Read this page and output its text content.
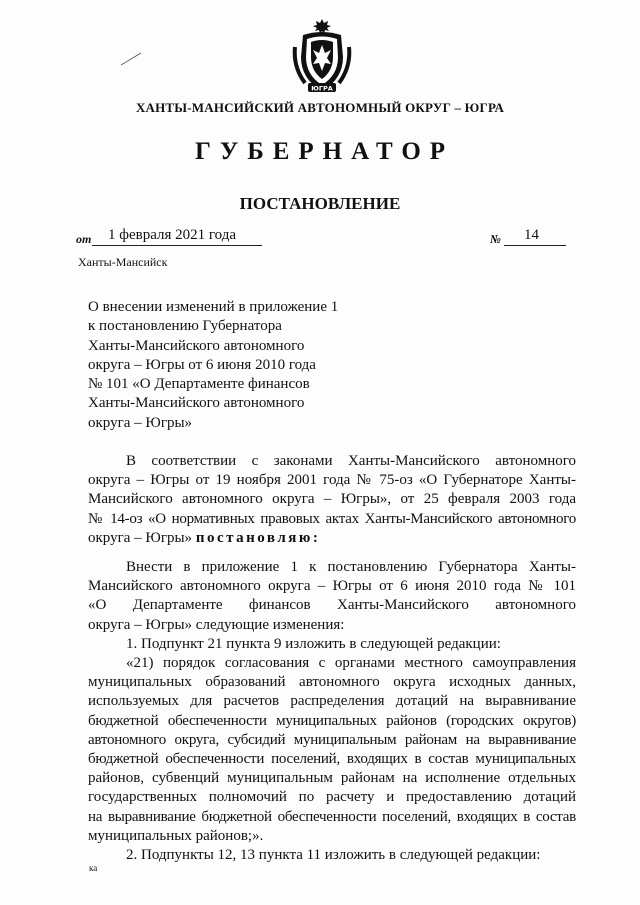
ЮГРА
ХАНТЫ-МАНСИЙСКИЙ АВТОНОМНЫЙ ОКРУГ – ЮГРА
ГУБЕРНАТОР
ПОСТАНОВЛЕНИЕ
от	1 февраля 2021 года	№	14
Ханты-Мансийск
О внесении изменений в приложение 1
к постановлению Губернатора
Ханты-Мансийского автономного
округа – Югры от 6 июня 2010 года
№ 101 «О Департаменте финансов
Ханты-Мансийского автономного
округа – Югры»
В соответствии с законами Ханты-Мансийского автономного
округа – Югры от 19 ноября 2001 года № 75-оз «О Губернаторе Ханты-
Мансийского автономного округа – Югры», от 25 февраля 2003 года
№ 14-оз «О нормативных правовых актах Ханты-Мансийского автономного
округа – Югры» постановляю:
Внести в приложение 1 к постановлению Губернатора Ханты-
Мансийского автономного округа – Югры от 6 июня 2010 года № 101
«О Департаменте финансов Ханты-Мансийского автономного
округа – Югры» следующие изменения:
1. Подпункт 21 пункта 9 изложить в следующей редакции:
«21) порядок согласования с органами местного самоуправления
муниципальных образований автономного округа исходных данных,
используемых для расчетов распределения дотаций на выравнивание
бюджетной обеспеченности муниципальных районов (городских округов)
автономного округа, субсидий муниципальным районам на выравнивание
бюджетной обеспеченности поселений, входящих в состав муниципальных
районов, субвенций муниципальным районам на исполнение отдельных
государственных полномочий по расчету и предоставлению дотаций
на выравнивание бюджетной обеспеченности поселений, входящих в состав
муниципальных районов;».
2. Подпункты 12, 13 пункта 11 изложить в следующей редакции:
ка
